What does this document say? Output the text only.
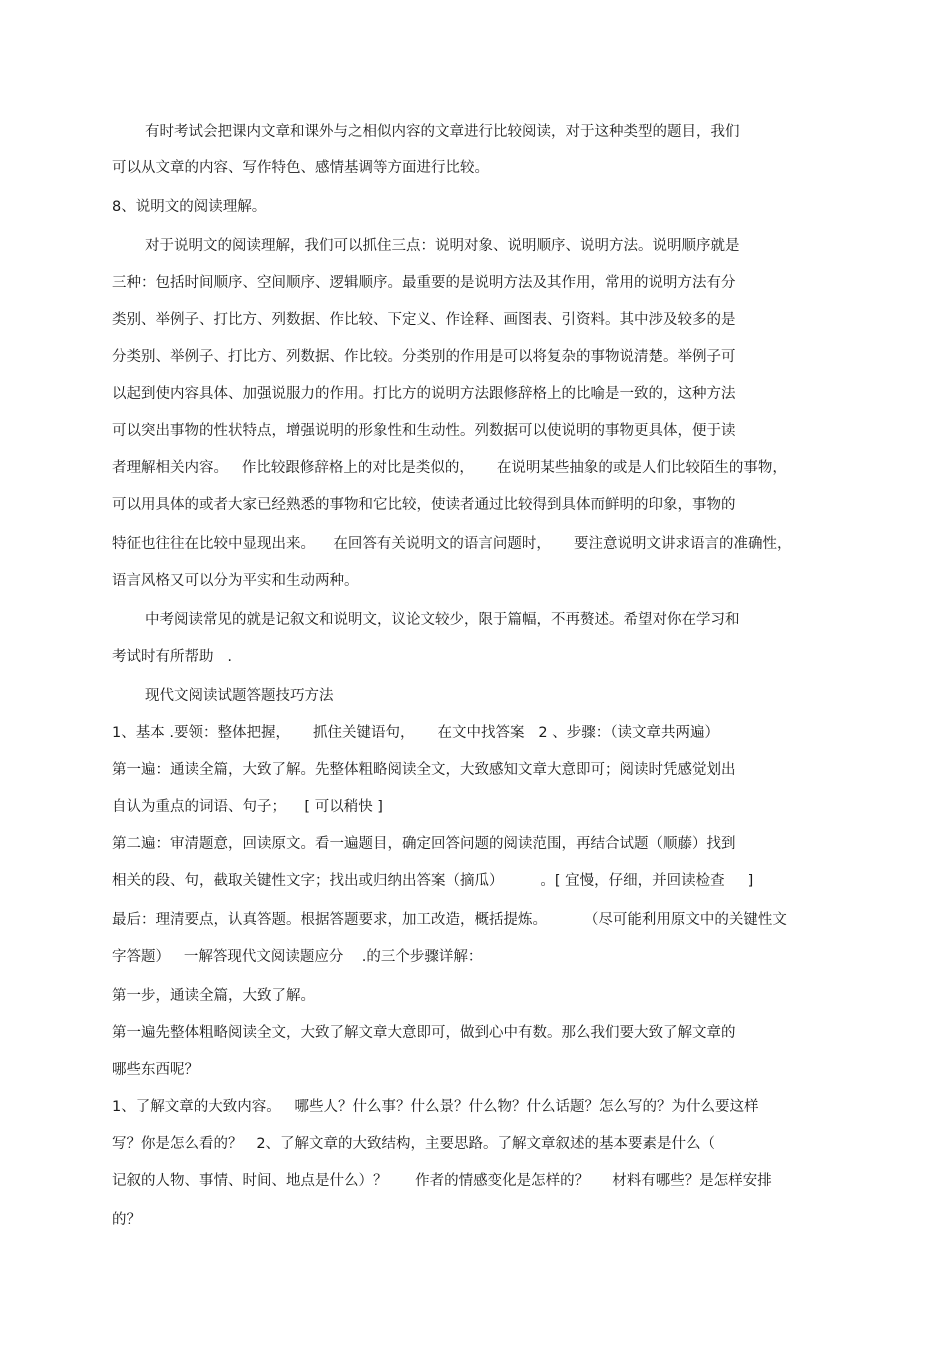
有时考试会把课内文章和课外与之相似内容的文章进行比较阅读，对于这种类型的题目，我们
可以从文章的内容、写作特色、感情基调等方面进行比较。
8、说明文的阅读理解。
对于说明文的阅读理解，我们可以抓住三点：说明对象、说明顺序、说明方法。说明顺序就是
三种：包括时间顺序、空间顺序、逻辑顺序。最重要的是说明方法及其作用，常用的说明方法有分
类别、举例子、打比方、列数据、作比较、下定义、作诠释、画图表、引资料。其中涉及较多的是
分类别、举例子、打比方、列数据、作比较。分类别的作用是可以将复杂的事物说清楚。举例子可
以起到使内容具体、加强说服力的作用。打比方的说明方法跟修辞格上的比喻是一致的，这种方法
可以突出事物的性状特点，增强说明的形象性和生动性。列数据可以使说明的事物更具体，便于读
者理解相关内容。   作比较跟修辞格上的对比是类似的，     在说明某些抽象的或是人们比较陌生的事物，
可以用具体的或者大家已经熟悉的事物和它比较，使读者通过比较得到具体而鲜明的印象，事物的
特征也往往在比较中显现出来。    在回答有关说明文的语言问题时，     要注意说明文讲求语言的准确性，
语言风格又可以分为平实和生动两种。
中考阅读常见的就是记叙文和说明文，议论文较少，限于篇幅，不再赘述。希望对你在学习和
考试时有所帮助   .
现代文阅读试题答题技巧方法
1、基本 .要领：整体把握，     抓住关键语句，     在文中找答案   2 、步骤：（读文章共两遍）
第一遍：通读全篇，大致了解。先整体粗略阅读全文，大致感知文章大意即可；阅读时凭感觉划出
自认为重点的词语、句子；    [ 可以稍快 ]
第二遍：审清题意，回读原文。看一遍题目，确定回答问题的阅读范围，再结合试题（顺藤）找到
相关的段、句，截取关键性文字；找出或归纳出答案（摘瓜）        。[ 宜慢，仔细，并回读检查     ]
最后：理清要点，认真答题。根据答题要求，加工改造，概括提炼。        （尽可能利用原文中的关键性文
字答题）   一解答现代文阅读题应分    .的三个步骤详解：
第一步，通读全篇，大致了解。
第一遍先整体粗略阅读全文，大致了解文章大意即可，做到心中有数。那么我们要大致了解文章的
哪些东西呢？
1、了解文章的大致内容。   哪些人？什么事？什么景？什么物？什么话题？怎么写的？为什么要这样
写？你是怎么看的？   2、了解文章的大致结构，主要思路。了解文章叙述的基本要素是什么（
记叙的人物、事情、时间、地点是什么）？      作者的情感变化是怎样的？     材料有哪些？是怎样安排
的？
